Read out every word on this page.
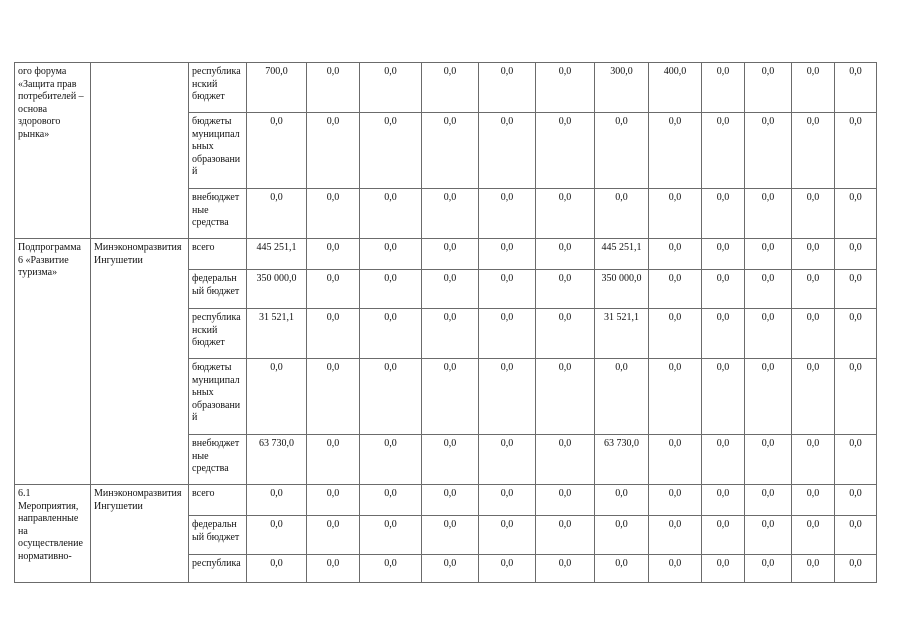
ого форума «Защита прав потребителей – основа здорового рынка»		республиканский бюджет	700,0	0,0	0,0	0,0	0,0	0,0	300,0	400,0	0,0	0,0	0,0	0,0
		бюджеты муниципальных образований	0,0	0,0	0,0	0,0	0,0	0,0	0,0	0,0	0,0	0,0	0,0	0,0
		внебюджетные средства	0,0	0,0	0,0	0,0	0,0	0,0	0,0	0,0	0,0	0,0	0,0	0,0
Подпрограмма 6 «Развитие туризма»	Минэкономразвития Ингушетии	всего	445 251,1	0,0	0,0	0,0	0,0	0,0	445 251,1	0,0	0,0	0,0	0,0	0,0
		федеральный бюджет	350 000,0	0,0	0,0	0,0	0,0	0,0	350 000,0	0,0	0,0	0,0	0,0	0,0
		республиканский бюджет	31 521,1	0,0	0,0	0,0	0,0	0,0	31 521,1	0,0	0,0	0,0	0,0	0,0
		бюджеты муниципальных образований	0,0	0,0	0,0	0,0	0,0	0,0	0,0	0,0	0,0	0,0	0,0	0,0
		внебюджетные средства	63 730,0	0,0	0,0	0,0	0,0	0,0	63 730,0	0,0	0,0	0,0	0,0	0,0
6.1 Мероприятия, направленные на осуществление нормативно-	Минэкономразвития Ингушетии	всего	0,0	0,0	0,0	0,0	0,0	0,0	0,0	0,0	0,0	0,0	0,0	0,0
		федеральный бюджет	0,0	0,0	0,0	0,0	0,0	0,0	0,0	0,0	0,0	0,0	0,0	0,0
		республика	0,0	0,0	0,0	0,0	0,0	0,0	0,0	0,0	0,0	0,0	0,0	0,0
